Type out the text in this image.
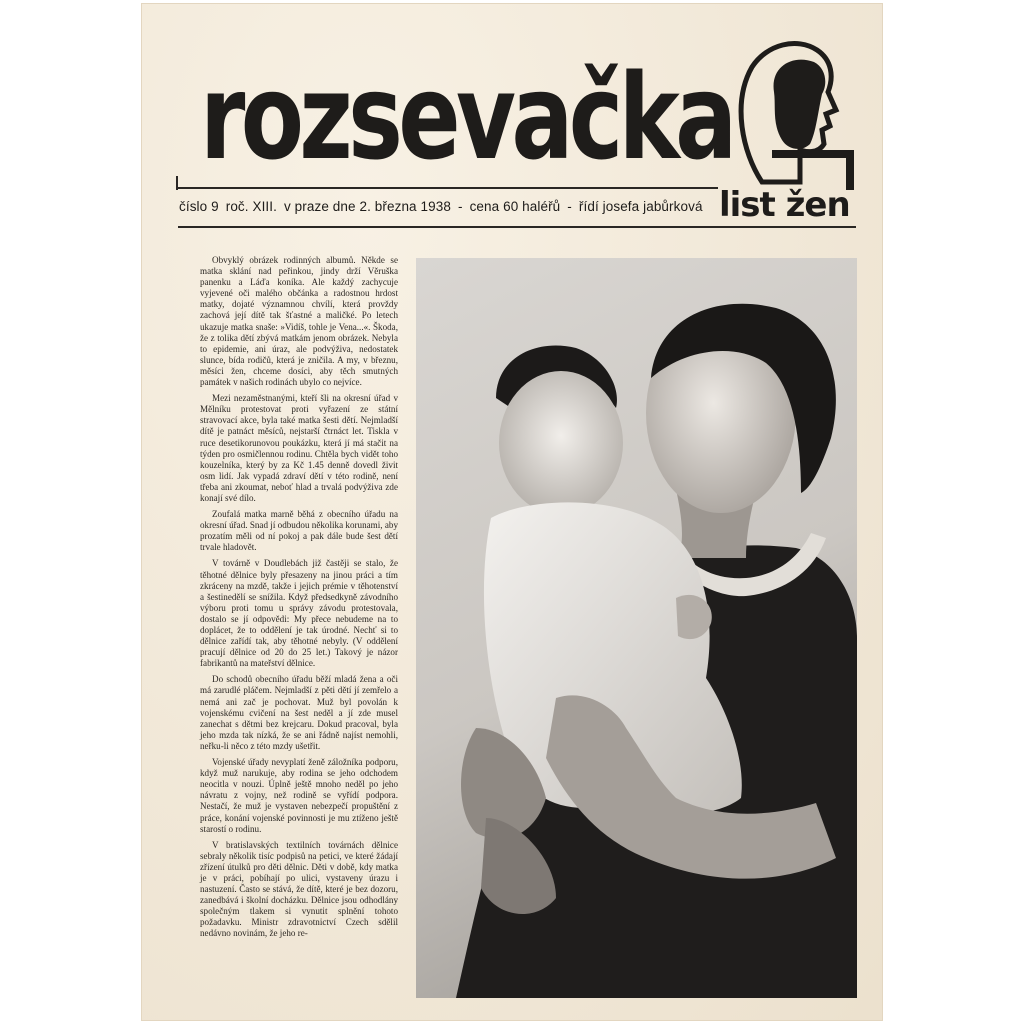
rozsevačka
list žen
číslo 9 roč. XIII. v praze dne 2. března 1938 - cena 60 haléřů - řídí josefa jabůrková

Obvyklý obrázek rodinných albumů. Někde se matka sklání nad peřinkou, jindy drží Věruška panenku a Láďa koníka. Ale každý zachycuje vyjevené oči malého občánka a radostnou hrdost matky, dojaté významnou chvílí, která provždy zachová její dítě tak šťastné a maličké. Po letech ukazuje matka snaše: »Vidíš, tohle je Vena...«. Škoda, že z tolika dětí zbývá matkám jenom obrázek. Nebyla to epidemie, ani úraz, ale podvýživa, nedostatek slunce, bída rodičů, která je zničila. A my, v březnu, měsíci žen, chceme dosíci, aby těch smutných památek v našich rodinách ubylo co nejvíce.

Mezi nezaměstnanými, kteří šli na okresní úřad v Mělníku protestovat proti vyřazení ze státní stravovací akce, byla také matka šesti dětí. Nejmladší dítě je patnáct měsíců, nejstarší čtrnáct let. Tiskla v ruce desetikorunovou poukázku, která jí má stačit na týden pro osmičlennou rodinu. Chtěla bych vidět toho kouzelníka, který by za Kč 1.45 denně dovedl živit osm lidí. Jak vypadá zdraví dětí v této rodině, není třeba ani zkoumat, neboť hlad a trvalá podvýživa zde konají své dílo.

Zoufalá matka marně běhá z obecního úřadu na okresní úřad. Snad jí odbudou několika korunami, aby prozatím měli od ní pokoj a pak dále bude šest dětí trvale hladovět.

V továrně v Doudlebách již častěji se stalo, že těhotné dělnice byly přesazeny na jinou práci a tím zkráceny na mzdě, takže i jejich prémie v těhotenství a šestinedělí se snížila. Když předsedkyně závodního výboru proti tomu u správy závodu protestovala, dostalo se jí odpovědi: My přece nebudeme na to doplácet, že to oddělení je tak úrodné. Nechť si to dělnice zařídí tak, aby těhotné nebyly. (V oddělení pracují dělnice od 20 do 25 let.) Takový je názor fabrikantů na mateřství dělnice.

Do schodů obecního úřadu běží mladá žena a oči má zarudlé pláčem. Nejmladší z pěti dětí jí zemřelo a nemá ani zač je pochovat. Muž byl povolán k vojenskému cvičení na šest neděl a jí zde musel zanechat s dětmi bez krejcaru. Dokud pracoval, byla jeho mzda tak nízká, že se ani řádně najíst nemohli, neřku-li něco z této mzdy ušetřit.

Vojenské úřady nevyplatí ženě záložníka podporu, když muž narukuje, aby rodina se jeho odchodem neocitla v nouzi. Úplně ještě mnoho neděl po jeho návratu z vojny, než rodině se vyřídí podpora. Nestačí, že muž je vystaven nebezpečí propuštění z práce, konání vojenské povinnosti je mu ztíženo ještě starostí o rodinu.

V bratislavských textilních továrnách dělnice sebraly několik tisíc podpisů na petici, ve které žádají zřízení útulků pro děti dělnic. Děti v době, kdy matka je v práci, pobíhají po ulici, vystaveny úrazu i nastuzení. Často se stává, že dítě, které je bez dozoru, zanedbává i školní docházku. Dělnice jsou odhodlány společným tlakem si vynutit splnění tohoto požadavku. Ministr zdravotnictví Czech sdělil nedávno novinám, že jeho re-
